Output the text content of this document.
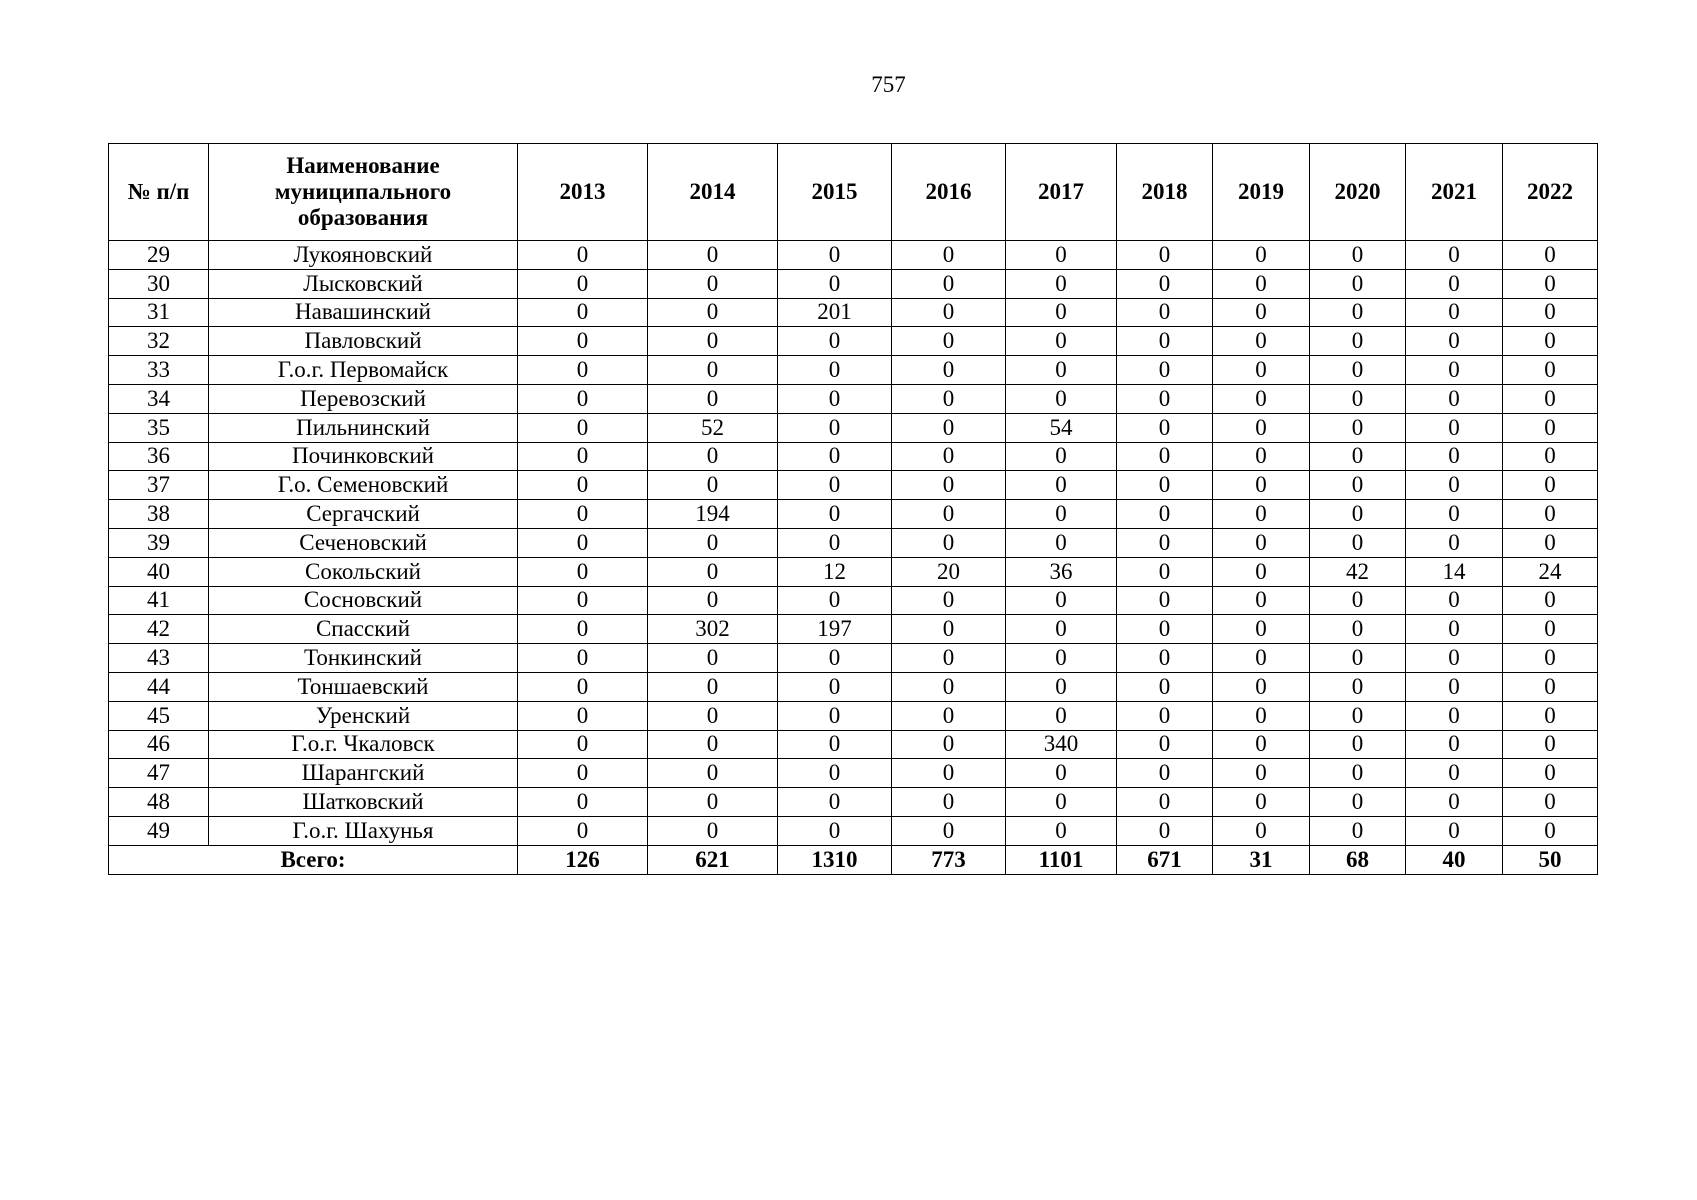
757
№ п/п	Наименование муниципального образования	2013	2014	2015	2016	2017	2018	2019	2020	2021	2022
29	Лукояновский	0	0	0	0	0	0	0	0	0	0
30	Лысковский	0	0	0	0	0	0	0	0	0	0
31	Навашинский	0	0	201	0	0	0	0	0	0	0
32	Павловский	0	0	0	0	0	0	0	0	0	0
33	Г.о.г. Первомайск	0	0	0	0	0	0	0	0	0	0
34	Перевозский	0	0	0	0	0	0	0	0	0	0
35	Пильнинский	0	52	0	0	54	0	0	0	0	0
36	Починковский	0	0	0	0	0	0	0	0	0	0
37	Г.о. Семеновский	0	0	0	0	0	0	0	0	0	0
38	Сергачский	0	194	0	0	0	0	0	0	0	0
39	Сеченовский	0	0	0	0	0	0	0	0	0	0
40	Сокольский	0	0	12	20	36	0	0	42	14	24
41	Сосновский	0	0	0	0	0	0	0	0	0	0
42	Спасский	0	302	197	0	0	0	0	0	0	0
43	Тонкинский	0	0	0	0	0	0	0	0	0	0
44	Тоншаевский	0	0	0	0	0	0	0	0	0	0
45	Уренский	0	0	0	0	0	0	0	0	0	0
46	Г.о.г. Чкаловск	0	0	0	0	340	0	0	0	0	0
47	Шарангский	0	0	0	0	0	0	0	0	0	0
48	Шатковский	0	0	0	0	0	0	0	0	0	0
49	Г.о.г. Шахунья	0	0	0	0	0	0	0	0	0	0
Всего:		126	621	1310	773	1101	671	31	68	40	50
